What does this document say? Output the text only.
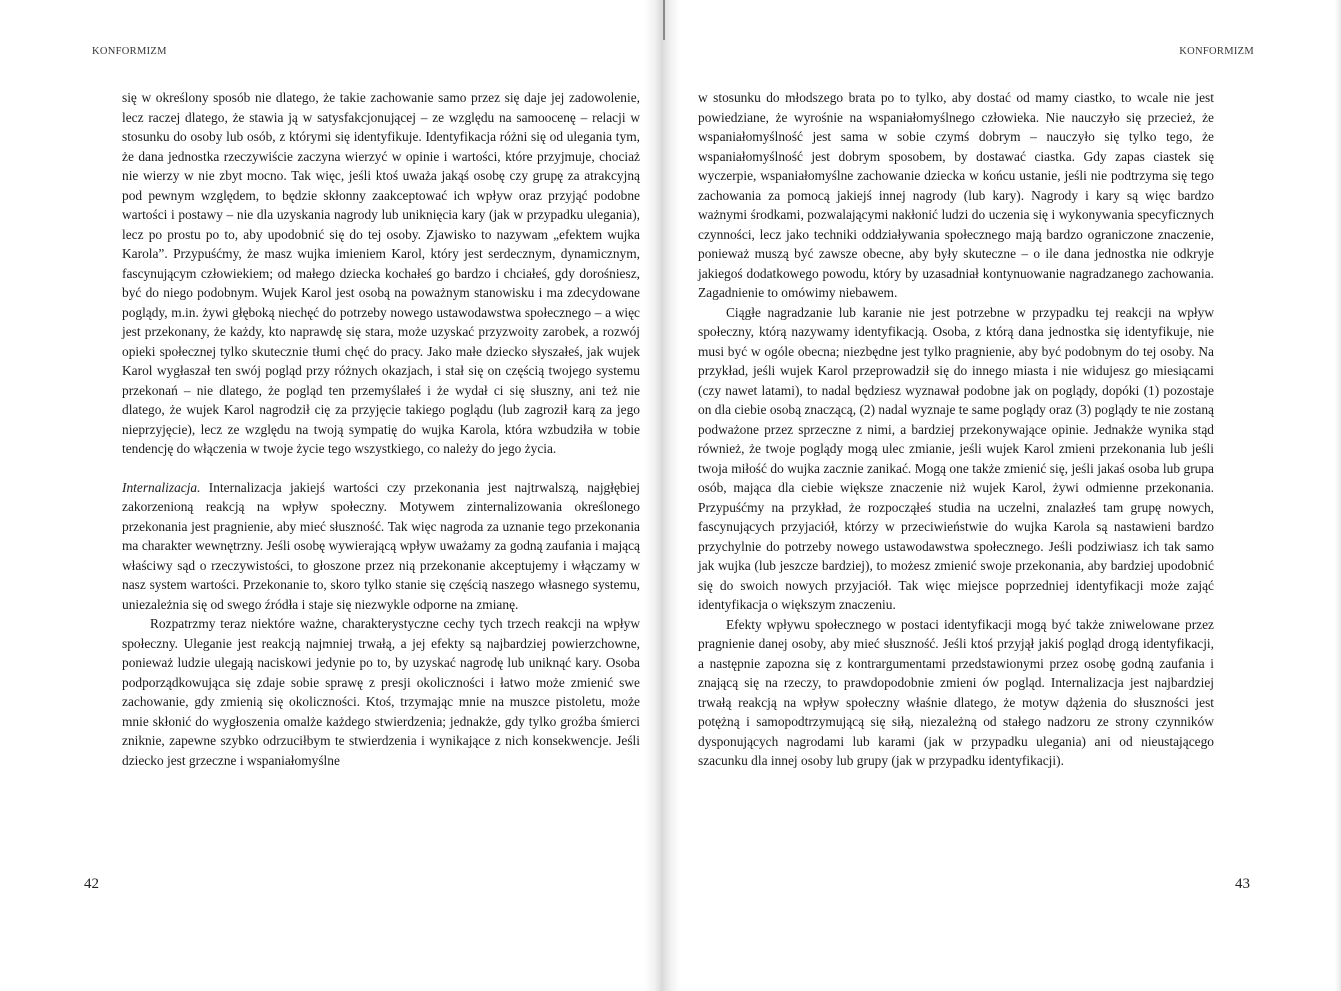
KONFORMIZM

się w określony sposób nie dlatego, że takie zachowanie samo przez się daje jej zadowolenie, lecz raczej dlatego, że stawia ją w satysfakcjonującej – ze względu na samoocenę – relacji w stosunku do osoby lub osób, z którymi się identyfikuje. Identyfikacja różni się od ulegania tym, że dana jednostka rzeczywiście zaczyna wierzyć w opinie i wartości, które przyjmuje, chociaż nie wierzy w nie zbyt mocno. Tak więc, jeśli ktoś uważa jakąś osobę czy grupę za atrakcyjną pod pewnym względem, to będzie skłonny zaakceptować ich wpływ oraz przyjąć podobne wartości i postawy – nie dla uzyskania nagrody lub uniknięcia kary (jak w przypadku ulegania), lecz po prostu po to, aby upodobnić się do tej osoby. Zjawisko to nazywam „efektem wujka Karola”. Przypuśćmy, że masz wujka imieniem Karol, który jest serdecznym, dynamicznym, fascynującym człowiekiem; od małego dziecka kochałeś go bardzo i chciałeś, gdy dorośniesz, być do niego podobnym. Wujek Karol jest osobą na poważnym stanowisku i ma zdecydowane poglądy, m.in. żywi głęboką niechęć do potrzeby nowego ustawodawstwa społecznego – a więc jest przekonany, że każdy, kto naprawdę się stara, może uzyskać przyzwoity zarobek, a rozwój opieki społecznej tylko skutecznie tłumi chęć do pracy. Jako małe dziecko słyszałeś, jak wujek Karol wygłaszał ten swój pogląd przy różnych okazjach, i stał się on częścią twojego systemu przekonań – nie dlatego, że pogląd ten przemyślałeś i że wydał ci się słuszny, ani też nie dlatego, że wujek Karol nagrodził cię za przyjęcie takiego poglądu (lub zagroził karą za jego nieprzyjęcie), lecz ze względu na twoją sympatię do wujka Karola, która wzbudziła w tobie tendencję do włączenia w twoje życie tego wszystkiego, co należy do jego życia.

Internalizacja. Internalizacja jakiejś wartości czy przekonania jest najtrwalszą, najgłębiej zakorzenioną reakcją na wpływ społeczny. Motywem zinternalizowania określonego przekonania jest pragnienie, aby mieć słuszność. Tak więc nagroda za uznanie tego przekonania ma charakter wewnętrzny. Jeśli osobę wywierającą wpływ uważamy za godną zaufania i mającą właściwy sąd o rzeczywistości, to głoszone przez nią przekonanie akceptujemy i włączamy w nasz system wartości. Przekonanie to, skoro tylko stanie się częścią naszego własnego systemu, uniezależnia się od swego źródła i staje się niezwykle odporne na zmianę.

Rozpatrzmy teraz niektóre ważne, charakterystyczne cechy tych trzech reakcji na wpływ społeczny. Uleganie jest reakcją najmniej trwałą, a jej efekty są najbardziej powierzchowne, ponieważ ludzie ulegają naciskowi jedynie po to, by uzyskać nagrodę lub uniknąć kary. Osoba podporządkowująca się zdaje sobie sprawę z presji okoliczności i łatwo może zmienić swe zachowanie, gdy zmienią się okoliczności. Ktoś, trzymając mnie na muszce pistoletu, może mnie skłonić do wygłoszenia omalże każdego stwierdzenia; jednakże, gdy tylko groźba śmierci zniknie, zapewne szybko odrzuciłbym te stwierdzenia i wynikające z nich konsekwencje. Jeśli dziecko jest grzeczne i wspaniałomyślne

42
KONFORMIZM

w stosunku do młodszego brata po to tylko, aby dostać od mamy ciastko, to wcale nie jest powiedziane, że wyrośnie na wspaniałomyślnego człowieka. Nie nauczyło się przecież, że wspaniałomyślność jest sama w sobie czymś dobrym – nauczyło się tylko tego, że wspaniałomyślność jest dobrym sposobem, by dostawać ciastka. Gdy zapas ciastek się wyczerpie, wspaniałomyślne zachowanie dziecka w końcu ustanie, jeśli nie podtrzyma się tego zachowania za pomocą jakiejś innej nagrody (lub kary). Nagrody i kary są więc bardzo ważnymi środkami, pozwalającymi nakłonić ludzi do uczenia się i wykonywania specyficznych czynności, lecz jako techniki oddziaływania społecznego mają bardzo ograniczone znaczenie, ponieważ muszą być zawsze obecne, aby były skuteczne – o ile dana jednostka nie odkryje jakiegoś dodatkowego powodu, który by uzasadniał kontynuowanie nagradzanego zachowania. Zagadnienie to omówimy niebawem.

Ciągłe nagradzanie lub karanie nie jest potrzebne w przypadku tej reakcji na wpływ społeczny, którą nazywamy identyfikacją. Osoba, z którą dana jednostka się identyfikuje, nie musi być w ogóle obecna; niezbędne jest tylko pragnienie, aby być podobnym do tej osoby. Na przykład, jeśli wujek Karol przeprowadził się do innego miasta i nie widujesz go miesiącami (czy nawet latami), to nadal będziesz wyznawał podobne jak on poglądy, dopóki (1) pozostaje on dla ciebie osobą znaczącą, (2) nadal wyznaje te same poglądy oraz (3) poglądy te nie zostaną podważone przez sprzeczne z nimi, a bardziej przekonywające opinie. Jednakże wynika stąd również, że twoje poglądy mogą ulec zmianie, jeśli wujek Karol zmieni przekonania lub jeśli twoja miłość do wujka zacznie zanikać. Mogą one także zmienić się, jeśli jakaś osoba lub grupa osób, mająca dla ciebie większe znaczenie niż wujek Karol, żywi odmienne przekonania. Przypuśćmy na przykład, że rozpocząłeś studia na uczelni, znalazłeś tam grupę nowych, fascynujących przyjaciół, którzy w przeciwieństwie do wujka Karola są nastawieni bardzo przychylnie do potrzeby nowego ustawodawstwa społecznego. Jeśli podziwiasz ich tak samo jak wujka (lub jeszcze bardziej), to możesz zmienić swoje przekonania, aby bardziej upodobnić się do swoich nowych przyjaciół. Tak więc miejsce poprzedniej identyfikacji może zająć identyfikacja o większym znaczeniu.

Efekty wpływu społecznego w postaci identyfikacji mogą być także zniwelowane przez pragnienie danej osoby, aby mieć słuszność. Jeśli ktoś przyjął jakiś pogląd drogą identyfikacji, a następnie zapozna się z kontrargumentami przedstawionymi przez osobę godną zaufania i znającą się na rzeczy, to prawdopodobnie zmieni ów pogląd. Internalizacja jest najbardziej trwałą reakcją na wpływ społeczny właśnie dlatego, że motyw dążenia do słuszności jest potężną i samopodtrzymującą się siłą, niezależną od stałego nadzoru ze strony czynników dysponujących nagrodami lub karami (jak w przypadku ulegania) ani od nieustającego szacunku dla innej osoby lub grupy (jak w przypadku identyfikacji).

43
